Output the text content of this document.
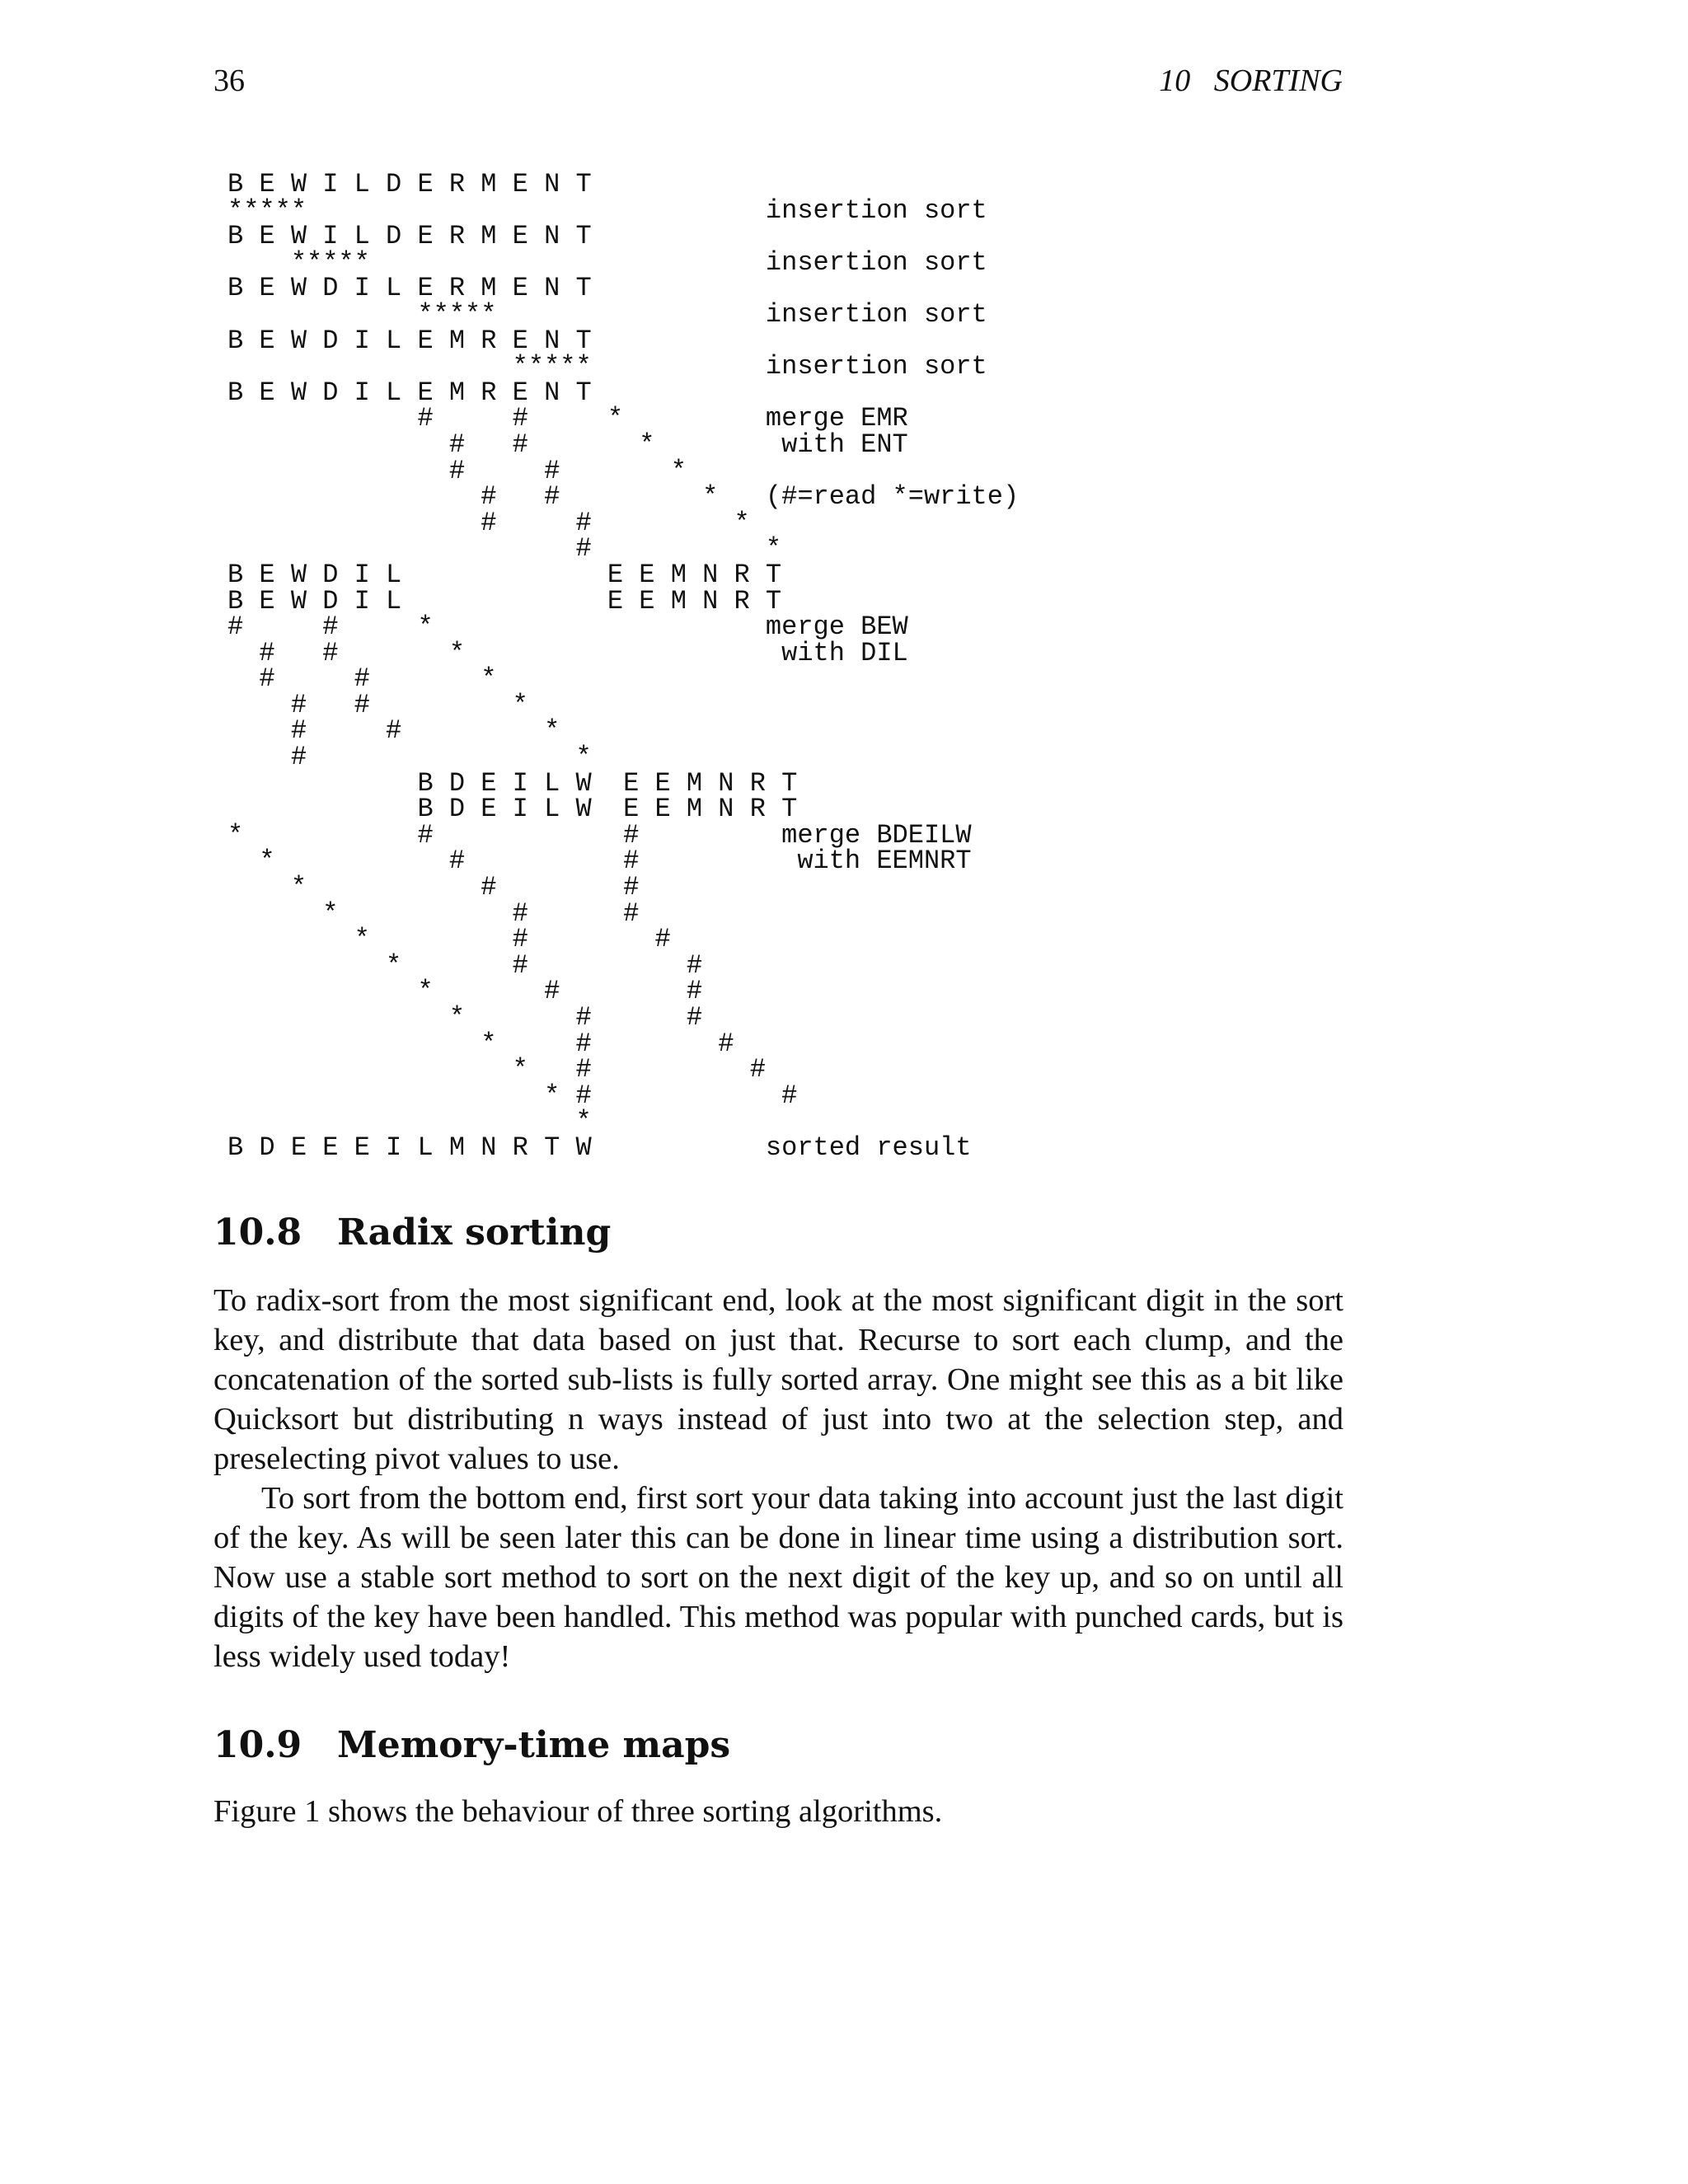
36	10   SORTING
B E W I L D E R M E N T
*****                             insertion sort
B E W I L D E R M E N T
*****                         insertion sort
B E W D I L E R M E N T
*****                 insertion sort
B E W D I L E M R E N T
*****           insertion sort
B E W D I L E M R E N T
#     #     *         merge EMR
#   #       *        with ENT
#     #       *
#   #         *   (#=read *=write)
#     #         *
#           *
B E W D I L             E E M N R T
B E W D I L             E E M N R T
#     #     *                     merge BEW
#   #       *                    with DIL
#     #       *
#   #         *
#     #         *
#                 *
B D E I L W  E E M N R T
B D E I L W  E E M N R T
*           #            #         merge BDEILW
*           #          #          with EEMNRT
*           #        #
*           #      #
*         #        #
*       #          #
*       #        #
*       #      #
*     #        #
*   #          #
* #            #
*
B D E E E I L M N R T W           sorted result
10.8 Radix sorting

To radix-sort from the most significant end, look at the most significant digit in the sort key, and distribute that data based on just that. Recurse to sort each clump, and the concatenation of the sorted sub-lists is fully sorted array. One might see this as a bit like Quicksort but distributing n ways instead of just into two at the selection step, and preselecting pivot values to use.

To sort from the bottom end, first sort your data taking into account just the last digit of the key. As will be seen later this can be done in linear time using a distribution sort. Now use a stable sort method to sort on the next digit of the key up, and so on until all digits of the key have been handled. This method was popular with punched cards, but is less widely used today!

10.9 Memory-time maps

Figure 1 shows the behaviour of three sorting algorithms.
